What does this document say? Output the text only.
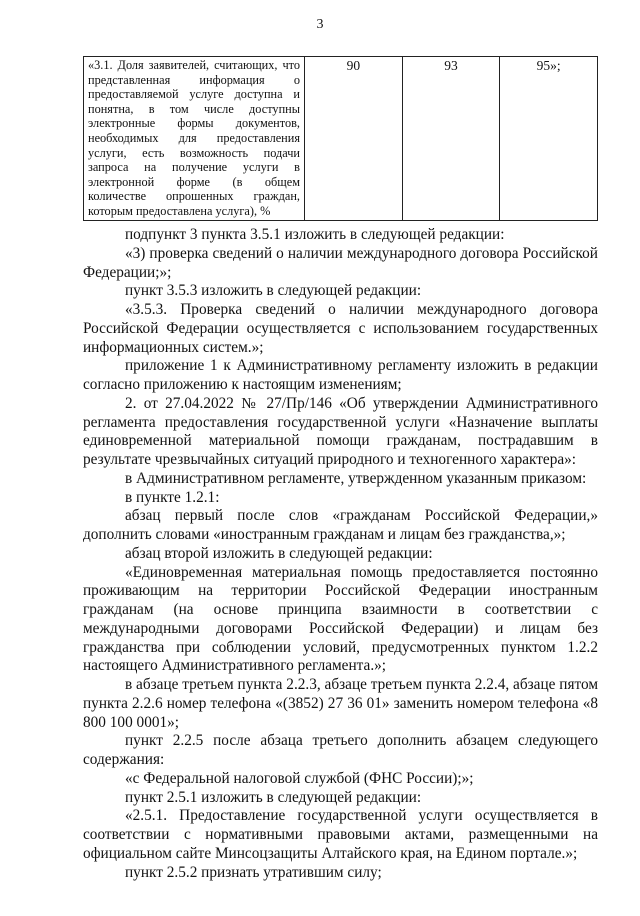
3
«3.1. Доля заявителей, считающих, что представленная информация о предоставляемой услуге доступна и понятна, в том числе доступны электронные формы документов, необходимых для предоставления услуги, есть возможность подачи запроса на получение услуги в электронной форме (в общем количестве опрошенных граждан, которым предоставлена услуга), %	90	93	95»;

подпункт 3 пункта 3.5.1 изложить в следующей редакции:

«3) проверка сведений о наличии международного договора Российской Федерации;»;

пункт 3.5.3 изложить в следующей редакции:

«3.5.3. Проверка сведений о наличии международного договора Российской Федерации осуществляется с использованием государственных информационных систем.»;

приложение 1 к Административному регламенту изложить в редакции согласно приложению к настоящим изменениям;

2. от 27.04.2022 № 27/Пр/146 «Об утверждении Административного регламента предоставления государственной услуги «Назначение выплаты единовременной материальной помощи гражданам, пострадавшим в результате чрезвычайных ситуаций природного и техногенного характера»:

в Административном регламенте, утвержденном указанным приказом:

в пункте 1.2.1:

абзац первый после слов «гражданам Российской Федерации,» дополнить словами «иностранным гражданам и лицам без гражданства,»;

абзац второй изложить в следующей редакции:

«Единовременная материальная помощь предоставляется постоянно проживающим на территории Российской Федерации иностранным гражданам (на основе принципа взаимности в соответствии с международными договорами Российской Федерации) и лицам без гражданства при соблюдении условий, предусмотренных пунктом 1.2.2 настоящего Административного регламента.»;

в абзаце третьем пункта 2.2.3, абзаце третьем пункта 2.2.4, абзаце пятом пункта 2.2.6 номер телефона «(3852) 27 36 01» заменить номером телефона «8 800 100 0001»;

пункт 2.2.5 после абзаца третьего дополнить абзацем следующего содержания:

«с Федеральной налоговой службой (ФНС России);»;

пункт 2.5.1 изложить в следующей редакции:

«2.5.1. Предоставление государственной услуги осуществляется в соответствии с нормативными правовыми актами, размещенными на официальном сайте Минсоцзащиты Алтайского края, на Едином портале.»;

пункт 2.5.2 признать утратившим силу;
